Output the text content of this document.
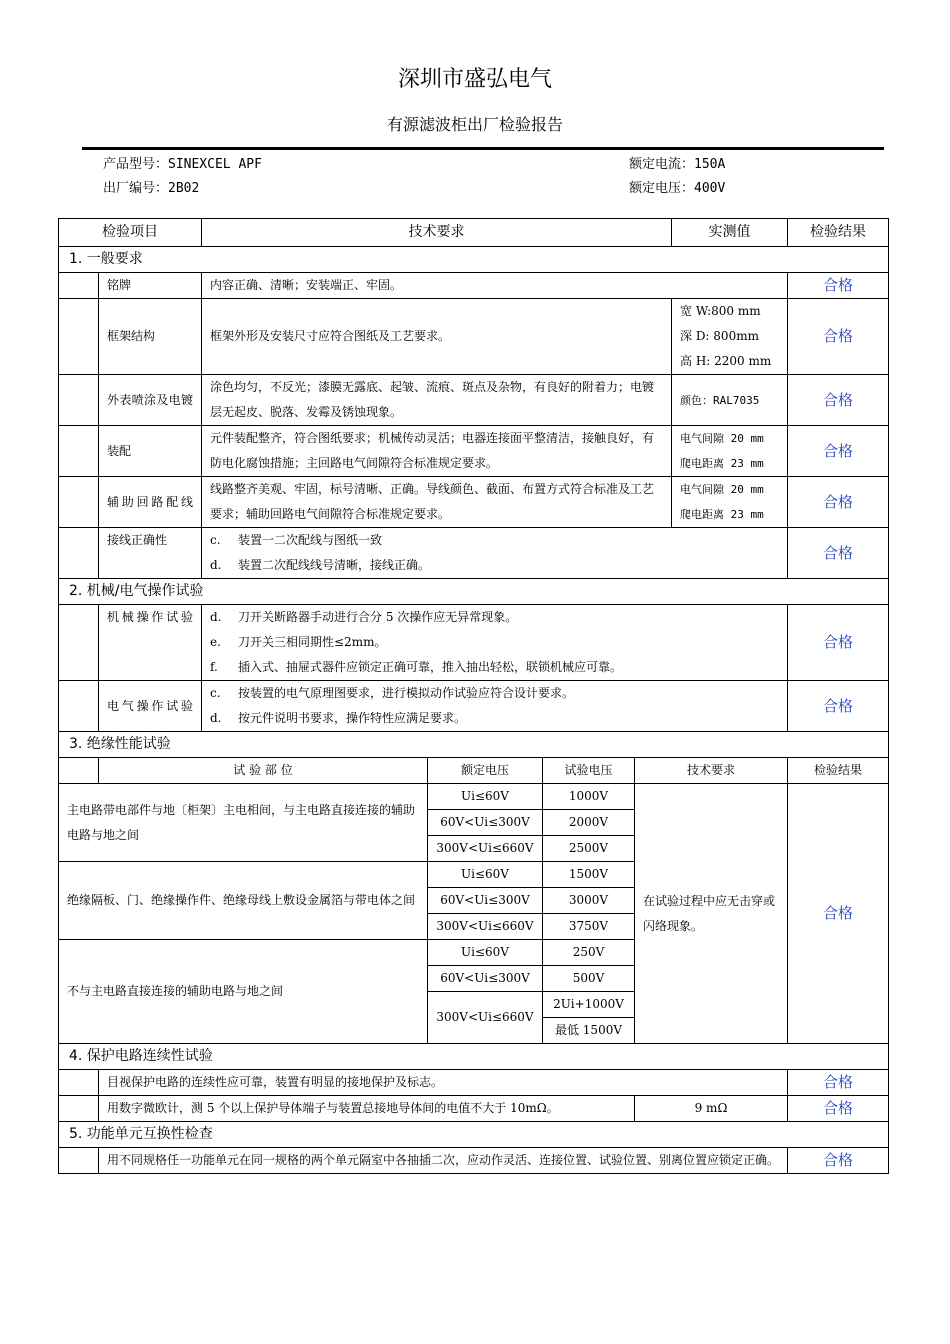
深圳市盛弘电气
有源滤波柜出厂检验报告
产品型号：SINEXCEL APF
出厂编号：2B02
额定电流：150A
额定电压：400V
检验项目		技术要求				实测值	检验结果
1. 一般要求							
	铭牌	内容正确、清晰；安装端正、牢固。					合格
	框架结构	框架外形及安装尺寸应符合图纸及工艺要求。				宽 W:800 mm
深 D: 800mm
高 H: 2200 mm	合格
	外表喷涂及电镀	涂色均匀，不反光；漆膜无露底、起皱、流痕、斑点及杂物，有良好的附着力；电镀层无起皮、脱落、发霉及锈蚀现象。				颜色：RAL7035	合格
	装配	元件装配整齐，符合图纸要求；机械传动灵活；电器连接面平整清洁，接触良好，有防电化腐蚀措施；主回路电气间隙符合标准规定要求。				电气间隙 20 mm
爬电距离 23 mm	合格
	辅助回路配线	线路整齐美观、牢固，标号清晰、正确。导线颜色、截面、布置方式符合标准及工艺要求；辅助回路电气间隙符合标准规定要求。				电气间隙 20 mm
爬电距离 23 mm	合格
	接线正确性	c. 装置一二次配线与图纸一致
d. 装置二次配线线号清晰，接线正确。					合格
2. 机械/电气操作试验							
	机械操作试验	d. 刀开关断路器手动进行合分 5 次操作应无异常现象。
e. 刀开关三相同期性≤2mm。
f. 插入式、抽屉式器件应锁定正确可靠，推入抽出轻松，联锁机械应可靠。					合格
	电气操作试验	c. 按装置的电气原理图要求，进行模拟动作试验应符合设计要求。
d. 按元件说明书要求，操作特性应满足要求。					合格
3. 绝缘性能试验							
	试 验 部 位		额定电压	试验电压	技术要求		检验结果
主电路带电部件与地〔柜架〕主电相间，与主电路直接连接的辅助电路与地之间			Ui≤60V	1000V	在试验过程中应无击穿或闪络现象。		合格
			60V<Ui≤300V	2000V			
			300V<Ui≤660V	2500V			
绝缘隔板、门、绝缘操作件、绝缘母线上敷设金属箔与带电体之间			Ui≤60V	1500V			
			60V<Ui≤300V	3000V			
			300V<Ui≤660V	3750V			
不与主电路直接连接的辅助电路与地之间			Ui≤60V	250V			
			60V<Ui≤300V	500V			
			300V<Ui≤660V	2Ui+1000V			
				最低 1500V			
4. 保护电路连续性试验							
	目视保护电路的连续性应可靠，装置有明显的接地保护及标志。						合格
	用数字微欧计，测 5 个以上保护导体端子与装置总接地导体间的电值不大于 10mΩ。				9 mΩ		合格
5. 功能单元互换性检查							
	用不同规格任一功能单元在同一规格的两个单元隔室中各抽插二次，应动作灵活、连接位置、试验位置、别离位置应锁定正确。						合格
